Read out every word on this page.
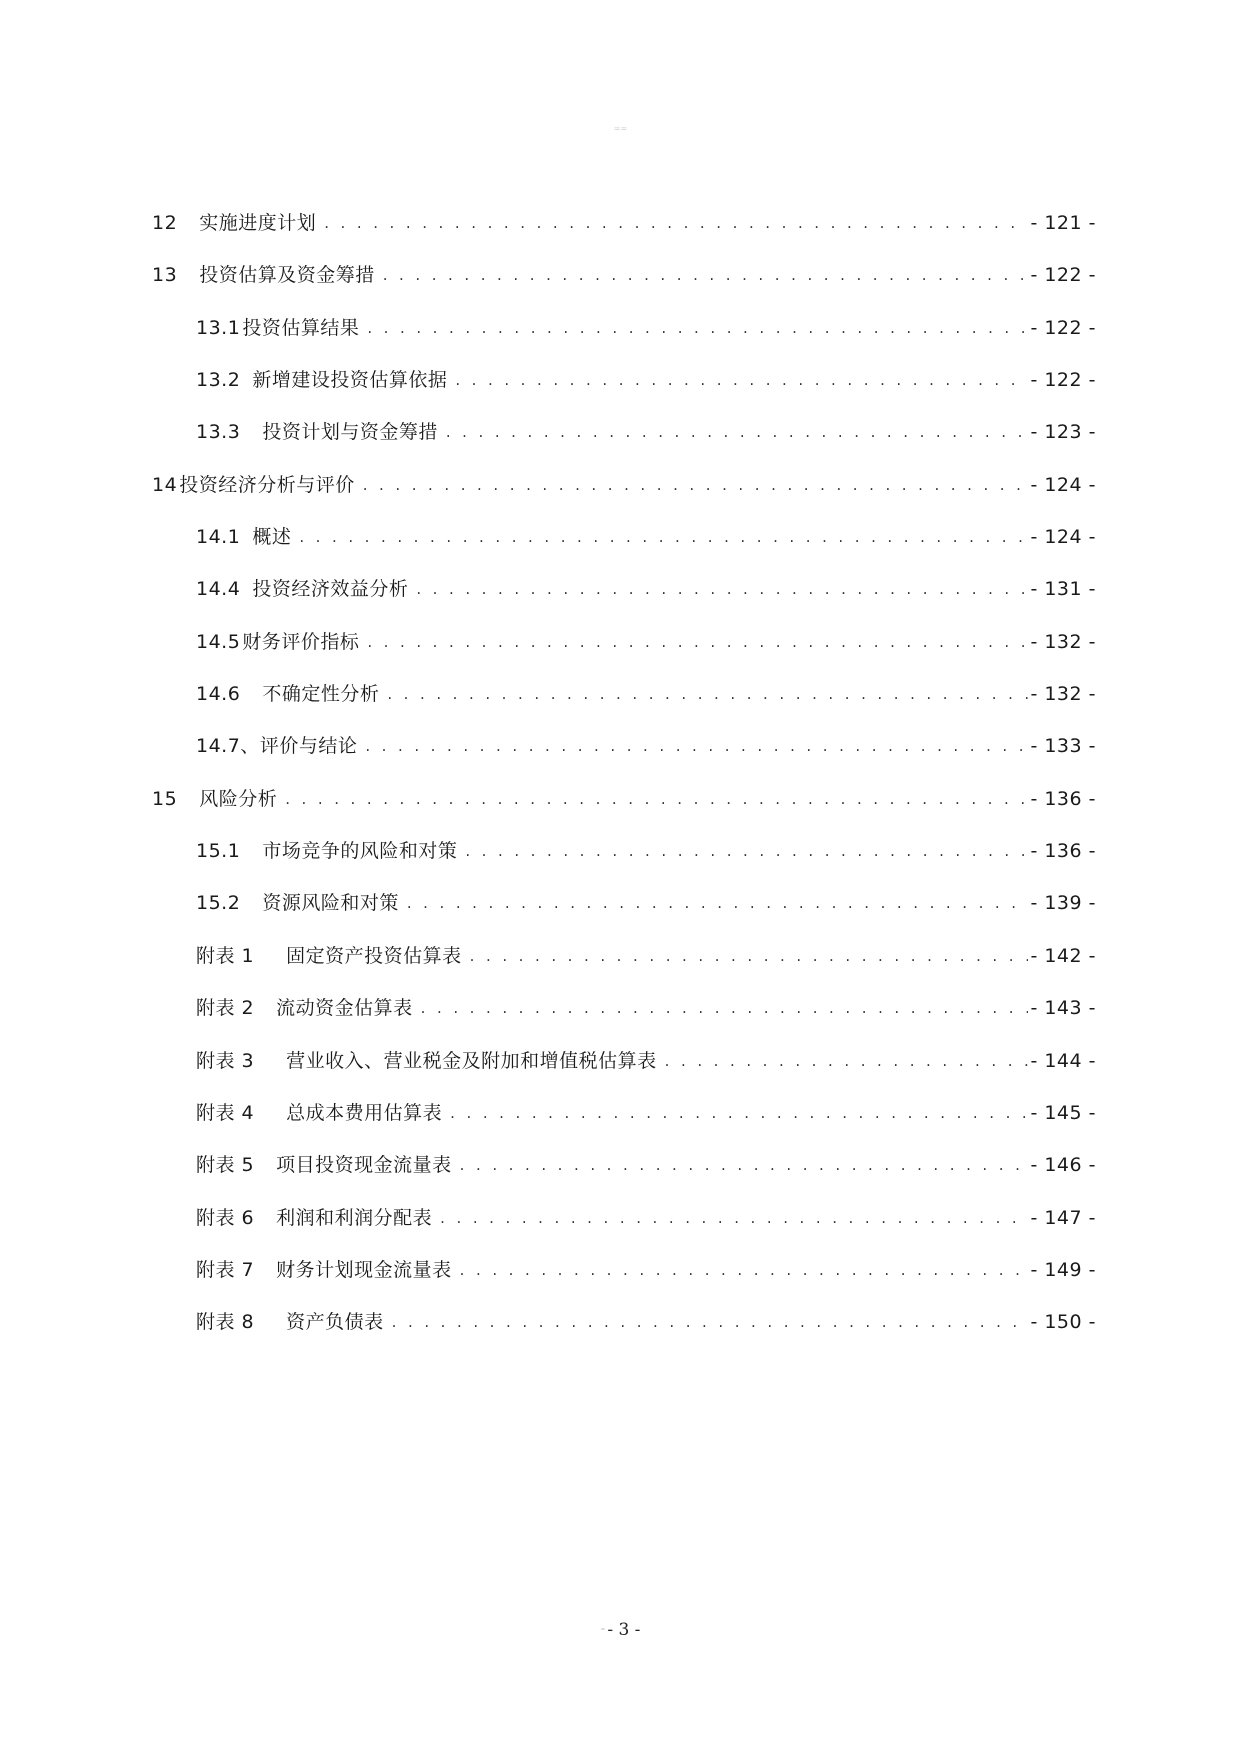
==
12 实施进度计划 . . .	- 121 -
13 投资估算及资金筹措 . . .	- 122 -
13.1 投资估算结果 . . .	- 122 -
13.2 新增建设投资估算依据 . . .	- 122 -
13.3 投资计划与资金筹措 . . .	- 123 -
14 投资经济分析与评价 . . .	- 124 -
14.1 概述 . . .	- 124 -
14.4 投资经济效益分析 . . .	- 131 -
14.5 财务评价指标 . . .	- 132 -
14.6 不确定性分析 . . .	- 132 -
14.7、 评价与结论 . . .	- 133 -
15 风险分析 . . .	- 136 -
15.1 市场竞争的风险和对策 . . .	- 136 -
15.2 资源风险和对策 . . .	- 139 -
附表 1 固定资产投资估算表 . . .	- 142 -
附表 2 流动资金估算表 . . .	- 143 -
附表 3 营业收入、营业税金及附加和增值税估算表 . . .	- 144 -
附表 4 总成本费用估算表 . . .	- 145 -
附表 5 项目投资现金流量表 . . .	- 146 -
附表 6 利润和利润分配表 . . .	- 147 -
附表 7 财务计划现金流量表 . . .	- 149 -
附表 8 资产负债表 . . .	- 150 -
⁼ - 3 -
